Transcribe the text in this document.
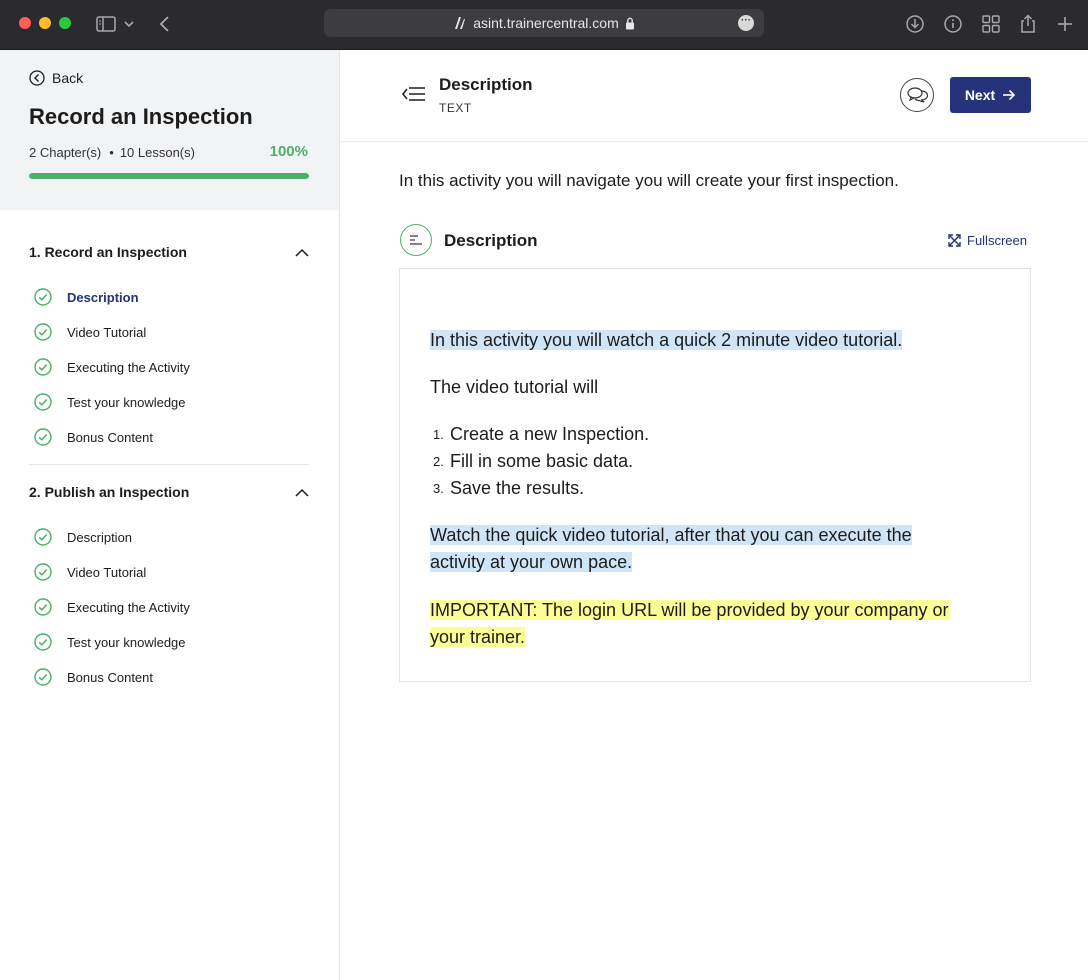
asint.trainercentral.com	···
Back
Record an Inspection
2 Chapter(s) • 10 Lesson(s)	100%
1. Record an Inspection
Description
Video Tutorial
Executing the Activity
Test your knowledge
Bonus Content
2. Publish an Inspection
Description
Video Tutorial
Executing the Activity
Test your knowledge
Bonus Content
Description
TEXT
Next

In this activity you will navigate you will create your first inspection.

Description	Fullscreen
In this activity you will watch a quick 2 minute video tutorial.
The video tutorial will
1. Create a new Inspection.
2. Fill in some basic data.
3. Save the results.
Watch the quick video tutorial, after that you can execute the
activity at your own pace.
IMPORTANT: The login URL will be provided by your company or
your trainer.
